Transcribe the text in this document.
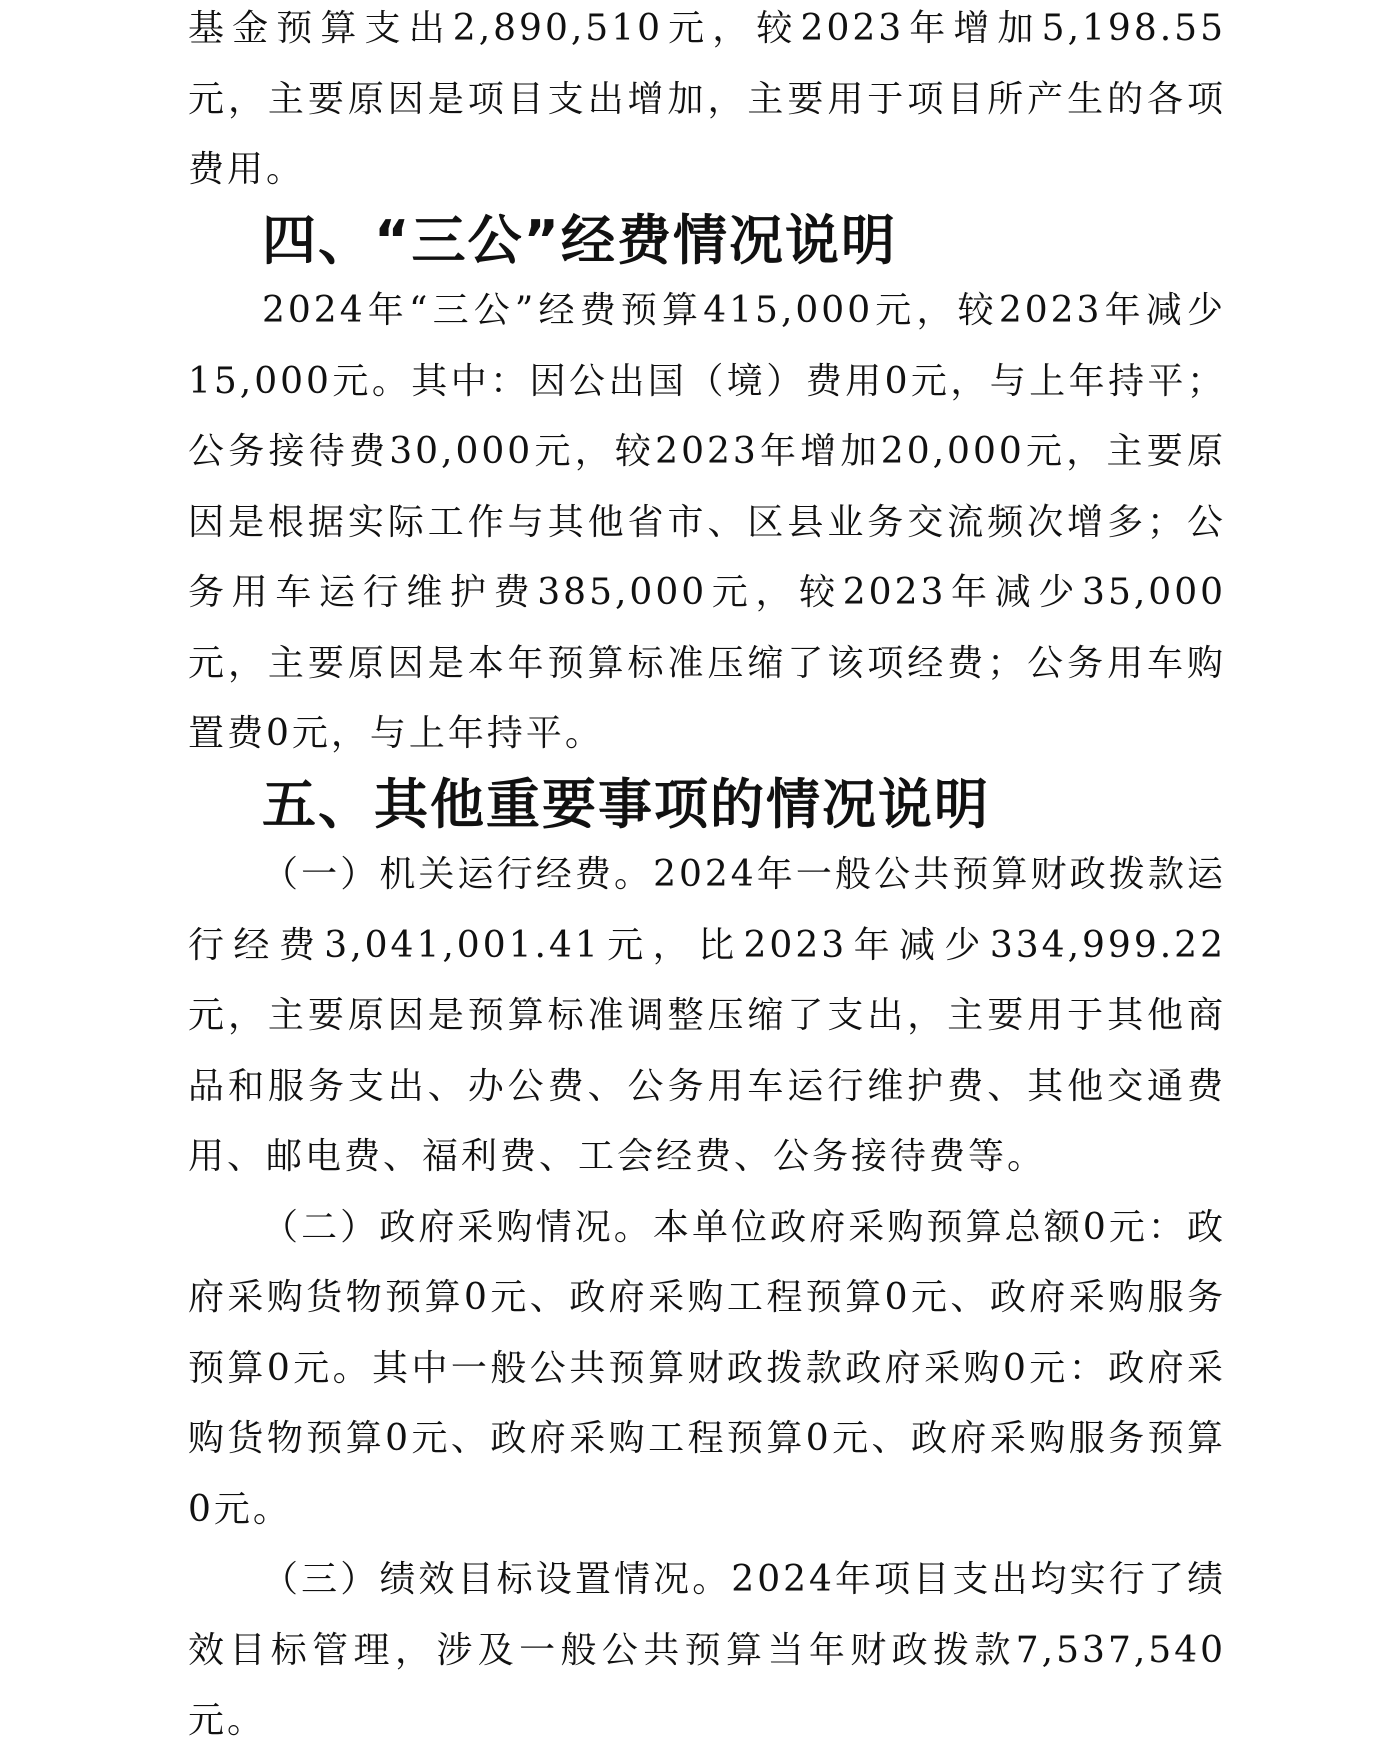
基金预算支出2,890,510元，较2023年增加5,198.55元，主要原因是项目支出增加，主要用于项目所产生的各项费用。

四、“三公”经费情况说明

2024年“三公”经费预算415,000元，较2023年减少15,000元。其中：因公出国（境）费用0元，与上年持平；公务接待费30,000元，较2023年增加20,000元，主要原因是根据实际工作与其他省市、区县业务交流频次增多；公务用车运行维护费385,000元，较2023年减少35,000元，主要原因是本年预算标准压缩了该项经费；公务用车购置费0元，与上年持平。

五、其他重要事项的情况说明

（一）机关运行经费。2024年一般公共预算财政拨款运行经费3,041,001.41元，比2023年减少334,999.22元，主要原因是预算标准调整压缩了支出，主要用于其他商品和服务支出、办公费、公务用车运行维护费、其他交通费用、邮电费、福利费、工会经费、公务接待费等。

（二）政府采购情况。本单位政府采购预算总额0元：政府采购货物预算0元、政府采购工程预算0元、政府采购服务预算0元。其中一般公共预算财政拨款政府采购0元：政府采购货物预算0元、政府采购工程预算0元、政府采购服务预算0元。

（三）绩效目标设置情况。2024年项目支出均实行了绩效目标管理，涉及一般公共预算当年财政拨款7,537,540元。
